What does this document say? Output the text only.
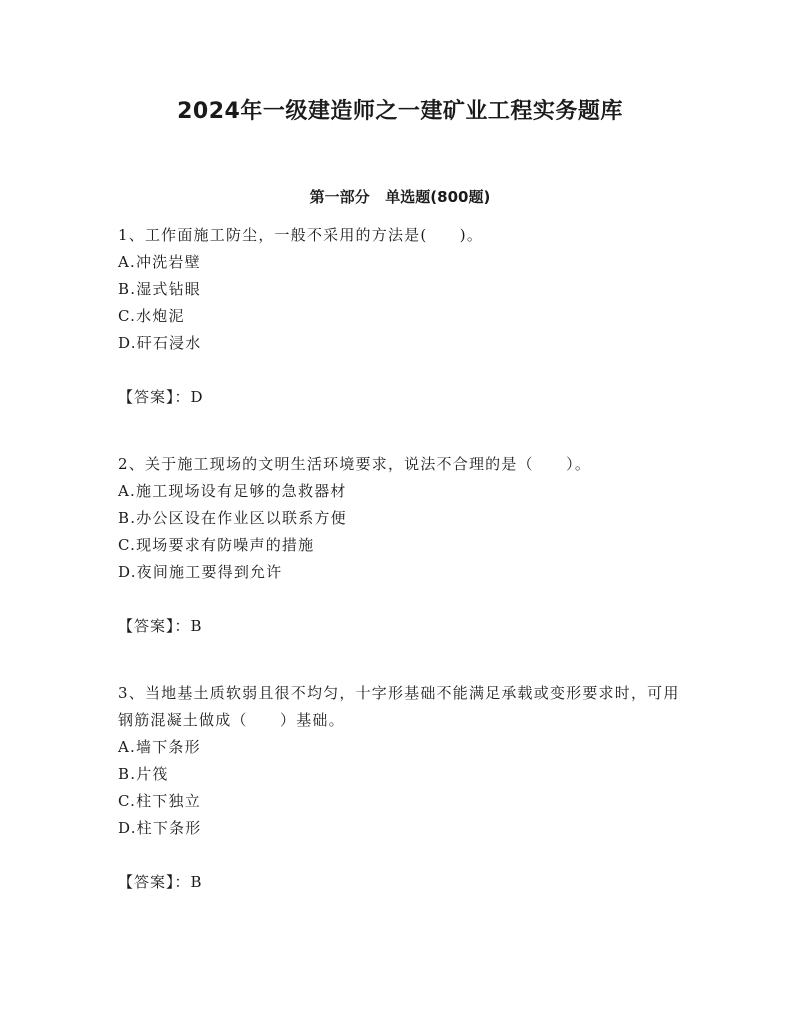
2024年一级建造师之一建矿业工程实务题库
第一部分   单选题(800题)

1、工作面施工防尘，一般不采用的方法是(　　)。

A.冲洗岩壁

B.湿式钻眼

C.水炮泥

D.矸石浸水

【答案】：D

2、关于施工现场的文明生活环境要求，说法不合理的是（　　）。

A.施工现场设有足够的急救器材

B.办公区设在作业区以联系方便

C.现场要求有防噪声的措施

D.夜间施工要得到允许

【答案】：B

3、当地基土质软弱且很不均匀，十字形基础不能满足承载或变形要求时，可用钢筋混凝土做成（　　）基础。

A.墙下条形

B.片筏

C.柱下独立

D.柱下条形

【答案】：B
